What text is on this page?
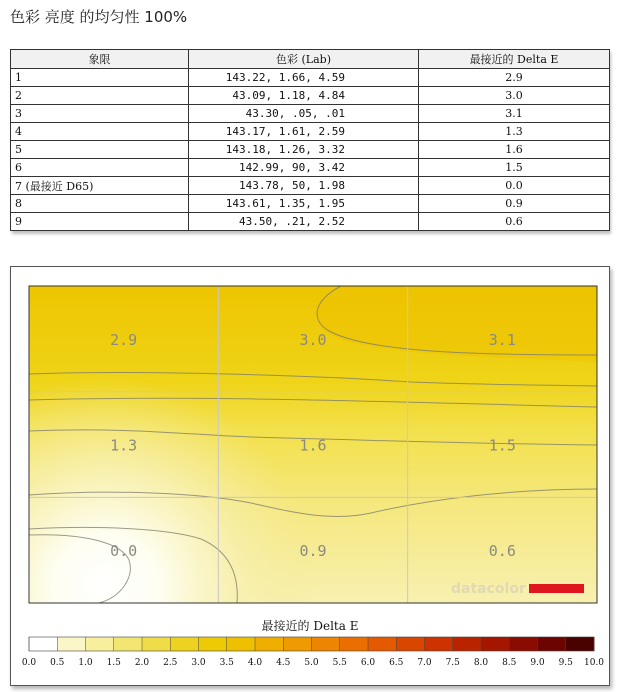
色彩 亮度 的均匀性 100%
象限	色彩 (Lab)	最接近的 Delta E
1	143.22, 1.66, 4.59	2.9
2	43.09, 1.18, 4.84	3.0
3	43.30, .05, .01	3.1
4	143.17, 1.61, 2.59	1.3
5	143.18, 1.26, 3.32	1.6
6	142.99, 90, 3.42	1.5
7 (最接近 D65)	143.78, 50, 1.98	0.0
8	143.61, 1.35, 1.95	0.9
9	43.50, .21, 2.52	0.6
2.9	3.0	3.1
1.3	1.6	1.5
0.0	0.9	0.6
datacolor
最接近的 Delta E
0.0 0.5 1.0 1.5 2.0 2.5 3.0 3.5 4.0 4.5 5.0 5.5 6.0 6.5 7.0 7.5 8.0 8.5 9.0 9.5 10.0
